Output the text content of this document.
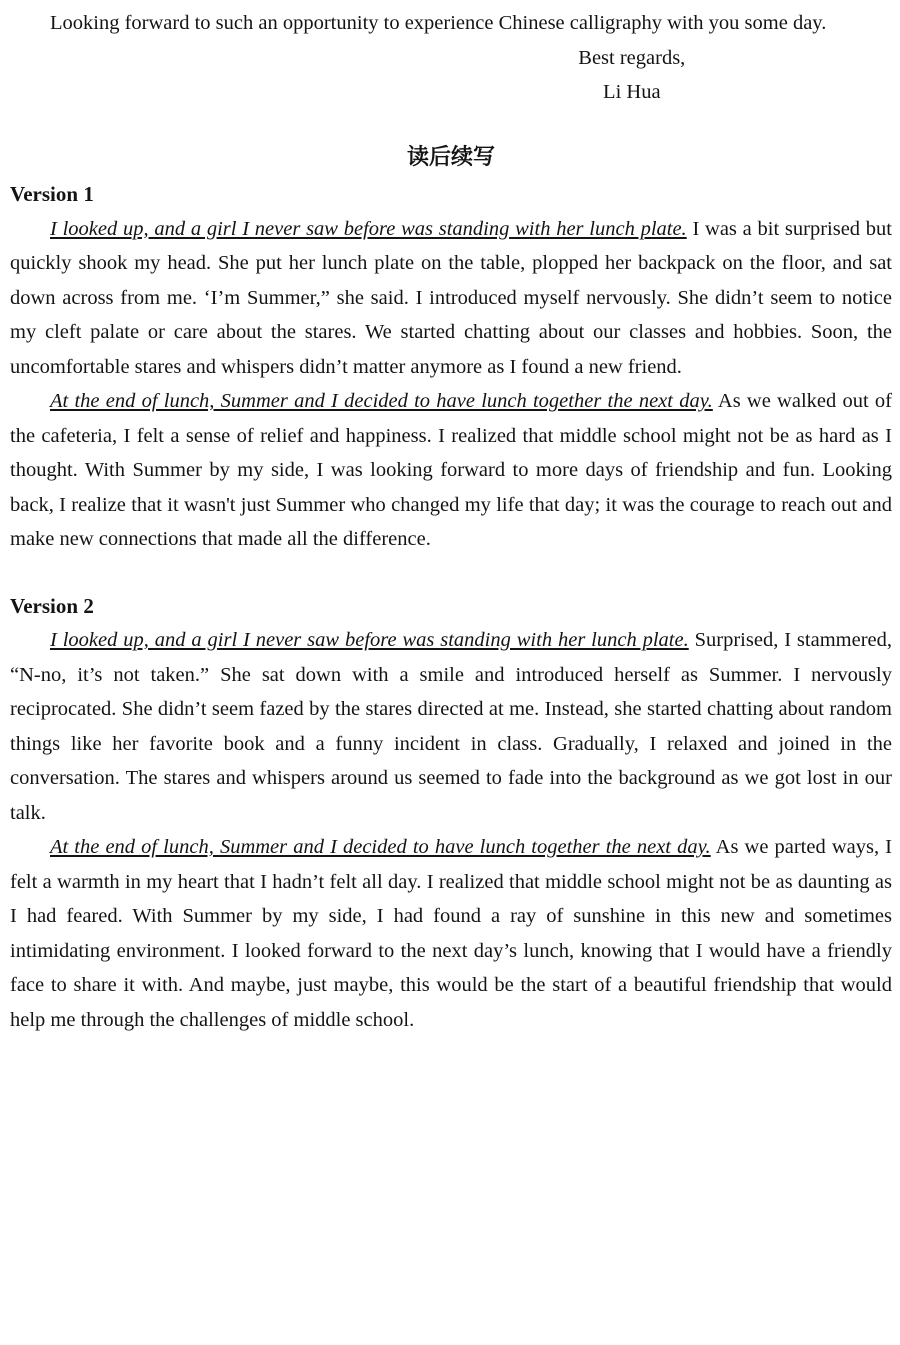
Looking forward to such an opportunity to experience Chinese calligraphy with you some day.

Best regards,

Li Hua

读后续写
Version 1

I looked up, and a girl I never saw before was standing with her lunch plate. I was a bit surprised but quickly shook my head. She put her lunch plate on the table, plopped her backpack on the floor, and sat down across from me. ‘I’m Summer,” she said. I introduced myself nervously. She didn’t seem to notice my cleft palate or care about the stares. We started chatting about our classes and hobbies. Soon, the uncomfortable stares and whispers didn’t matter anymore as I found a new friend.

At the end of lunch, Summer and I decided to have lunch together the next day. As we walked out of the cafeteria, I felt a sense of relief and happiness. I realized that middle school might not be as hard as I thought. With Summer by my side, I was looking forward to more days of friendship and fun. Looking back, I realize that it wasn't just Summer who changed my life that day; it was the courage to reach out and make new connections that made all the difference.

Version 2

I looked up, and a girl I never saw before was standing with her lunch plate. Surprised, I stammered, “N-no, it’s not taken.” She sat down with a smile and introduced herself as Summer. I nervously reciprocated. She didn’t seem fazed by the stares directed at me. Instead, she started chatting about random things like her favorite book and a funny incident in class. Gradually, I relaxed and joined in the conversation. The stares and whispers around us seemed to fade into the background as we got lost in our talk.

At the end of lunch, Summer and I decided to have lunch together the next day. As we parted ways, I felt a warmth in my heart that I hadn’t felt all day. I realized that middle school might not be as daunting as I had feared. With Summer by my side, I had found a ray of sunshine in this new and sometimes intimidating environment. I looked forward to the next day’s lunch, knowing that I would have a friendly face to share it with. And maybe, just maybe, this would be the start of a beautiful friendship that would help me through the challenges of middle school.
